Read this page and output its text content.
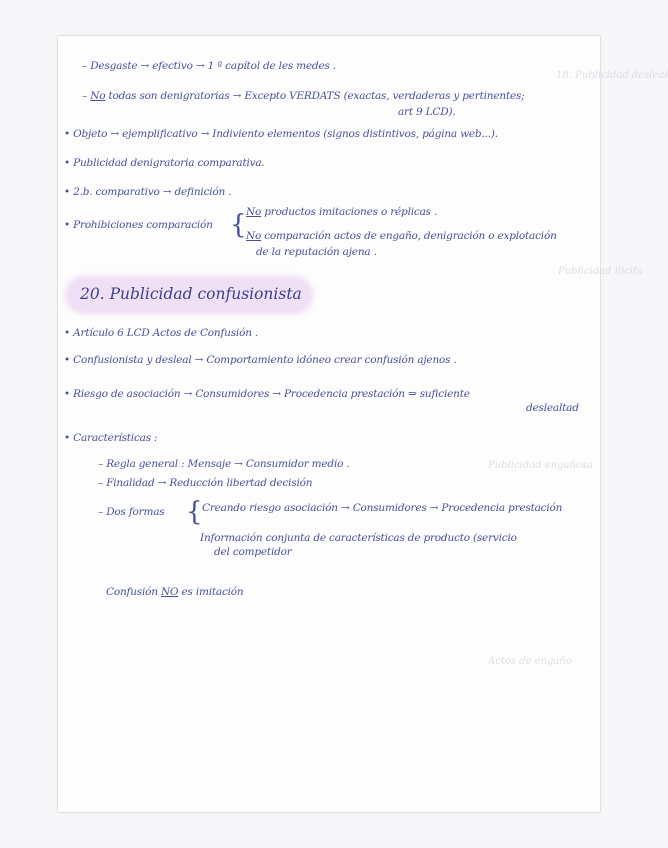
18. Publicidad desleal
Publicidad ilícita
Publicidad engañosa
Actos de engaño
– Desgaste → efectivo → 1 ª capítol de les medes .
– No todas son denigratorias → Excepto VERDATS (exactas, verdaderas y pertinentes;
art 9 LCD).
• Objeto → ejemplificativo → Indiviento elementos (signos distintivos, página web...).
• Publicidad denigratoria comparativa.
• 2.b. comparativo → definición .
• Prohibiciones comparación { No productos imitaciones o réplicas .
No comparación actos de engaño, denigración o explotación
de la reputación ajena .
20. Publicidad confusionista
• Artículo 6 LCD Actos de Confusión .
• Confusionista y desleal → Comportamiento idóneo crear confusión ajenos .
• Riesgo de asociación → Consumidores → Procedencia prestación ⇒ suficiente
deslealtad
• Características :
– Regla general : Mensaje → Consumidor medio .
– Finalidad → Reducción libertad decisión
– Dos formas { Creando riesgo asociación → Consumidores → Procedencia prestación
Información conjunta de características de producto (servicio
del competidor
Confusión NO es imitación
